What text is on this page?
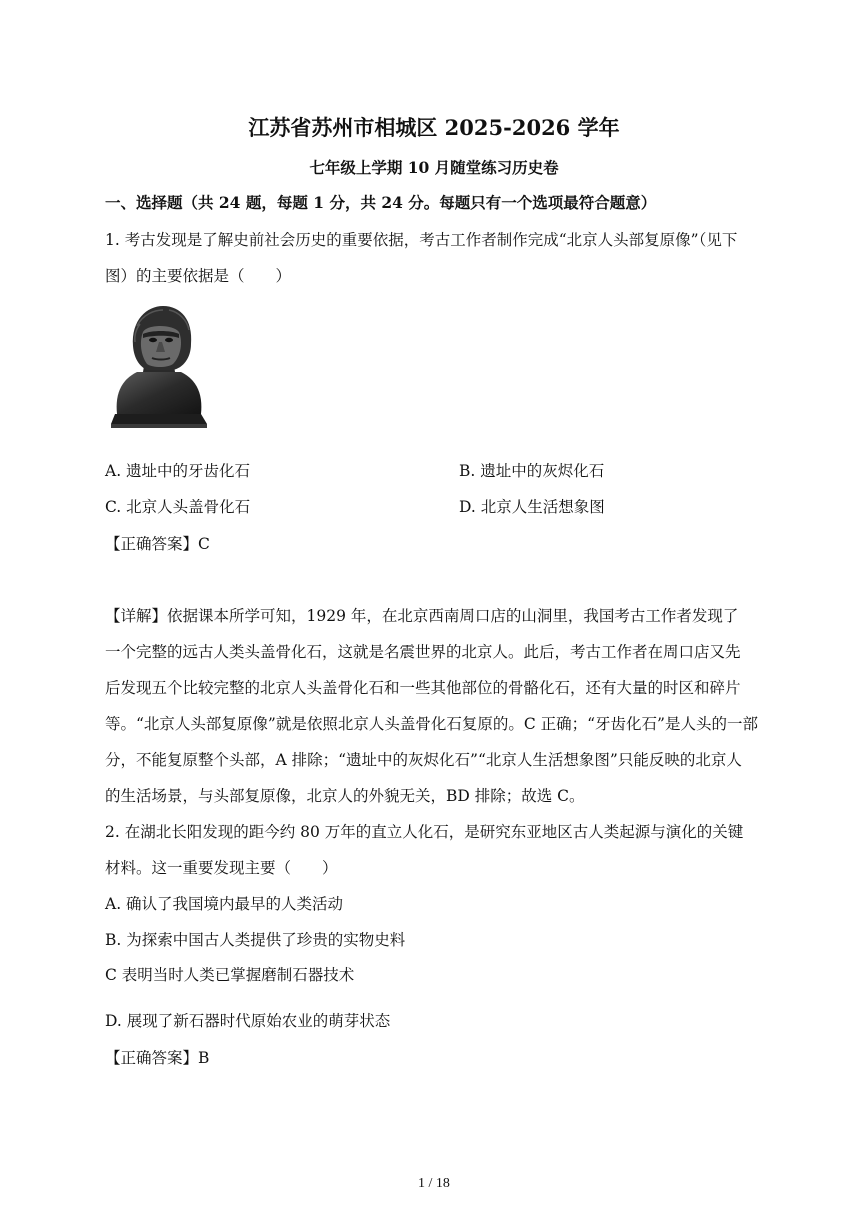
江苏省苏州市相城区 2025-2026 学年
七年级上学期 10 月随堂练习历史卷
一、选择题（共 24 题，每题 1 分，共 24 分。每题只有一个选项最符合题意）
1. 考古发现是了解史前社会历史的重要依据，考古工作者制作完成“北京人头部复原像”（见下
图）的主要依据是（　　）
A. 遗址中的牙齿化石	B. 遗址中的灰烬化石
C. 北京人头盖骨化石	D. 北京人生活想象图
【正确答案】C
【详解】依据课本所学可知，1929 年，在北京西南周口店的山洞里，我国考古工作者发现了
一个完整的远古人类头盖骨化石，这就是名震世界的北京人。此后，考古工作者在周口店又先
后发现五个比较完整的北京人头盖骨化石和一些其他部位的骨骼化石，还有大量的时区和碎片
等。“北京人头部复原像”就是依照北京人头盖骨化石复原的。C 正确；“牙齿化石”是人头的一部
分，不能复原整个头部，A 排除；“遗址中的灰烬化石”“北京人生活想象图”只能反映的北京人
的生活场景，与头部复原像，北京人的外貌无关，BD 排除；故选 C。
2. 在湖北长阳发现的距今约 80 万年的直立人化石，是研究东亚地区古人类起源与演化的关键
材料。这一重要发现主要（　　）
A. 确认了我国境内最早的人类活动
B. 为探索中国古人类提供了珍贵的实物史料
C 表明当时人类已掌握磨制石器技术
D. 展现了新石器时代原始农业的萌芽状态
【正确答案】B
1 / 18
